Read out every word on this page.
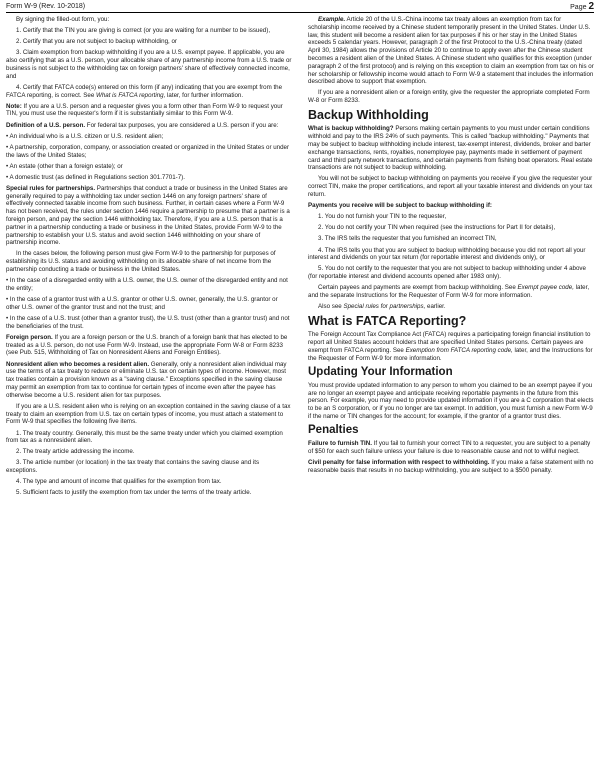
Form W-9 (Rev. 10-2018)	Page 2

By signing the filled-out form, you:

1. Certify that the TIN you are giving is correct (or you are waiting for a number to be issued),

2. Certify that you are not subject to backup withholding, or

3. Claim exemption from backup withholding if you are a U.S. exempt payee. If applicable, you are also certifying that as a U.S. person, your allocable share of any partnership income from a U.S. trade or business is not subject to the withholding tax on foreign partners' share of effectively connected income, and

4. Certify that FATCA code(s) entered on this form (if any) indicating that you are exempt from the FATCA reporting, is correct. See What is FATCA reporting, later, for further information.

Note: If you are a U.S. person and a requester gives you a form other than Form W-9 to request your TIN, you must use the requester's form if it is substantially similar to this Form W-9.

Definition of a U.S. person. For federal tax purposes, you are considered a U.S. person if you are:

• An individual who is a U.S. citizen or U.S. resident alien;

• A partnership, corporation, company, or association created or organized in the United States or under the laws of the United States;

• An estate (other than a foreign estate); or

• A domestic trust (as defined in Regulations section 301.7701-7).

Special rules for partnerships. Partnerships that conduct a trade or business in the United States are generally required to pay a withholding tax under section 1446 on any foreign partners' share of effectively connected taxable income from such business. Further, in certain cases where a Form W-9 has not been received, the rules under section 1446 require a partnership to presume that a partner is a foreign person, and pay the section 1446 withholding tax. Therefore, if you are a U.S. person that is a partner in a partnership conducting a trade or business in the United States, provide Form W-9 to the partnership to establish your U.S. status and avoid section 1446 withholding on your share of partnership income.

In the cases below, the following person must give Form W-9 to the partnership for purposes of establishing its U.S. status and avoiding withholding on its allocable share of net income from the partnership conducting a trade or business in the United States.

• In the case of a disregarded entity with a U.S. owner, the U.S. owner of the disregarded entity and not the entity;

• In the case of a grantor trust with a U.S. grantor or other U.S. owner, generally, the U.S. grantor or other U.S. owner of the grantor trust and not the trust; and

• In the case of a U.S. trust (other than a grantor trust), the U.S. trust (other than a grantor trust) and not the beneficiaries of the trust.

Foreign person. If you are a foreign person or the U.S. branch of a foreign bank that has elected to be treated as a U.S. person, do not use Form W-9. Instead, use the appropriate Form W-8 or Form 8233 (see Pub. 515, Withholding of Tax on Nonresident Aliens and Foreign Entities).

Nonresident alien who becomes a resident alien. Generally, only a nonresident alien individual may use the terms of a tax treaty to reduce or eliminate U.S. tax on certain types of income. However, most tax treaties contain a provision known as a "saving clause." Exceptions specified in the saving clause may permit an exemption from tax to continue for certain types of income even after the payee has otherwise become a U.S. resident alien for tax purposes.

If you are a U.S. resident alien who is relying on an exception contained in the saving clause of a tax treaty to claim an exemption from U.S. tax on certain types of income, you must attach a statement to Form W-9 that specifies the following five items.

1. The treaty country. Generally, this must be the same treaty under which you claimed exemption from tax as a nonresident alien.

2. The treaty article addressing the income.

3. The article number (or location) in the tax treaty that contains the saving clause and its exceptions.

4. The type and amount of income that qualifies for the exemption from tax.

5. Sufficient facts to justify the exemption from tax under the terms of the treaty article.

Example. Article 20 of the U.S.-China income tax treaty allows an exemption from tax for scholarship income received by a Chinese student temporarily present in the United States. Under U.S. law, this student will become a resident alien for tax purposes if his or her stay in the United States exceeds 5 calendar years. However, paragraph 2 of the first Protocol to the U.S.-China treaty (dated April 30, 1984) allows the provisions of Article 20 to continue to apply even after the Chinese student becomes a resident alien of the United States. A Chinese student who qualifies for this exception (under paragraph 2 of the first protocol) and is relying on this exception to claim an exemption from tax on his or her scholarship or fellowship income would attach to Form W-9 a statement that includes the information described above to support that exemption.

If you are a nonresident alien or a foreign entity, give the requester the appropriate completed Form W-8 or Form 8233.

Backup Withholding

What is backup withholding? Persons making certain payments to you must under certain conditions withhold and pay to the IRS 24% of such payments. This is called "backup withholding." Payments that may be subject to backup withholding include interest, tax-exempt interest, dividends, broker and barter exchange transactions, rents, royalties, nonemployee pay, payments made in settlement of payment card and third party network transactions, and certain payments from fishing boat operators. Real estate transactions are not subject to backup withholding.

You will not be subject to backup withholding on payments you receive if you give the requester your correct TIN, make the proper certifications, and report all your taxable interest and dividends on your tax return.

Payments you receive will be subject to backup withholding if:

1. You do not furnish your TIN to the requester,

2. You do not certify your TIN when required (see the instructions for Part II for details),

3. The IRS tells the requester that you furnished an incorrect TIN,

4. The IRS tells you that you are subject to backup withholding because you did not report all your interest and dividends on your tax return (for reportable interest and dividends only), or

5. You do not certify to the requester that you are not subject to backup withholding under 4 above (for reportable interest and dividend accounts opened after 1983 only).

Certain payees and payments are exempt from backup withholding. See Exempt payee code, later, and the separate Instructions for the Requester of Form W-9 for more information.

Also see Special rules for partnerships, earlier.

What is FATCA Reporting?

The Foreign Account Tax Compliance Act (FATCA) requires a participating foreign financial institution to report all United States account holders that are specified United States persons. Certain payees are exempt from FATCA reporting. See Exemption from FATCA reporting code, later, and the Instructions for the Requester of Form W-9 for more information.

Updating Your Information

You must provide updated information to any person to whom you claimed to be an exempt payee if you are no longer an exempt payee and anticipate receiving reportable payments in the future from this person. For example, you may need to provide updated information if you are a C corporation that elects to be an S corporation, or if you no longer are tax exempt. In addition, you must furnish a new Form W-9 if the name or TIN changes for the account; for example, if the grantor of a grantor trust dies.

Penalties

Failure to furnish TIN. If you fail to furnish your correct TIN to a requester, you are subject to a penalty of $50 for each such failure unless your failure is due to reasonable cause and not to willful neglect.

Civil penalty for false information with respect to withholding. If you make a false statement with no reasonable basis that results in no backup withholding, you are subject to a $500 penalty.
